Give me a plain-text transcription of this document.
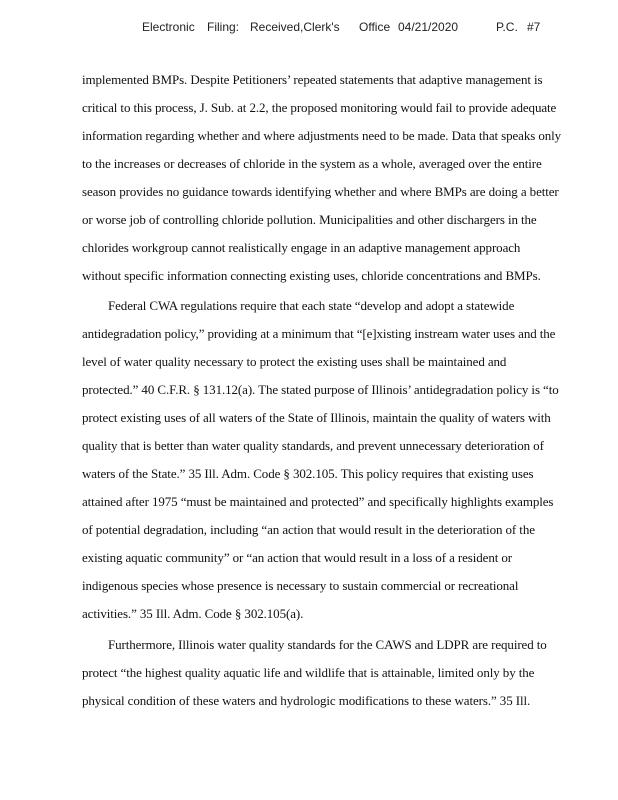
Electronic Filing: Received,Clerk's Office 04/21/2020	P.C. #7
implemented BMPs. Despite Petitioners’ repeated statements that adaptive management is
critical to this process, J. Sub. at 2.2, the proposed monitoring would fail to provide adequate
information regarding whether and where adjustments need to be made. Data that speaks only
to the increases or decreases of chloride in the system as a whole, averaged over the entire
season provides no guidance towards identifying whether and where BMPs are doing a better
or worse job of controlling chloride pollution. Municipalities and other dischargers in the
chlorides workgroup cannot realistically engage in an adaptive management approach
without specific information connecting existing uses, chloride concentrations and BMPs.
Federal CWA regulations require that each state “develop and adopt a statewide
antidegradation policy,” providing at a minimum that “[e]xisting instream water uses and the
level of water quality necessary to protect the existing uses shall be maintained and
protected.” 40 C.F.R. § 131.12(a). The stated purpose of Illinois’ antidegradation policy is “to
protect existing uses of all waters of the State of Illinois, maintain the quality of waters with
quality that is better than water quality standards, and prevent unnecessary deterioration of
waters of the State.” 35 Ill. Adm. Code § 302.105. This policy requires that existing uses
attained after 1975 “must be maintained and protected” and specifically highlights examples
of potential degradation, including “an action that would result in the deterioration of the
existing aquatic community” or “an action that would result in a loss of a resident or
indigenous species whose presence is necessary to sustain commercial or recreational
activities.” 35 Ill. Adm. Code § 302.105(a).
Furthermore, Illinois water quality standards for the CAWS and LDPR are required to
protect “the highest quality aquatic life and wildlife that is attainable, limited only by the
physical condition of these waters and hydrologic modifications to these waters.” 35 Ill.
